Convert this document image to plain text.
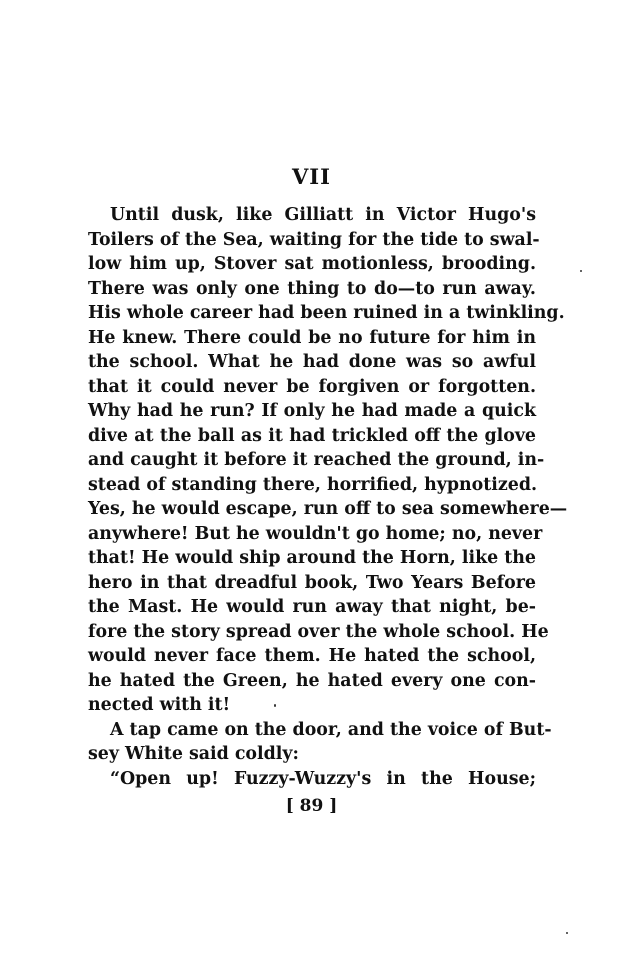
VII
Until dusk, like Gilliatt in Victor Hugo's
Toilers of the Sea, waiting for the tide to swal-
low him up, Stover sat motionless, brooding.
There was only one thing to do—to run away.
His whole career had been ruined in a twinkling.
He knew. There could be no future for him in
the school. What he had done was so awful
that it could never be forgiven or forgotten.
Why had he run? If only he had made a quick
dive at the ball as it had trickled off the glove
and caught it before it reached the ground, in-
stead of standing there, horrified, hypnotized.
Yes, he would escape, run off to sea somewhere—
anywhere! But he wouldn't go home; no, never
that! He would ship around the Horn, like the
hero in that dreadful book, Two Years Before
the Mast. He would run away that night, be-
fore the story spread over the whole school. He
would never face them. He hated the school,
he hated the Green, he hated every one con-
nected with it!
A tap came on the door, and the voice of But-
sey White said coldly:
“Open up! Fuzzy-Wuzzy's in the House;
[ 89 ]
